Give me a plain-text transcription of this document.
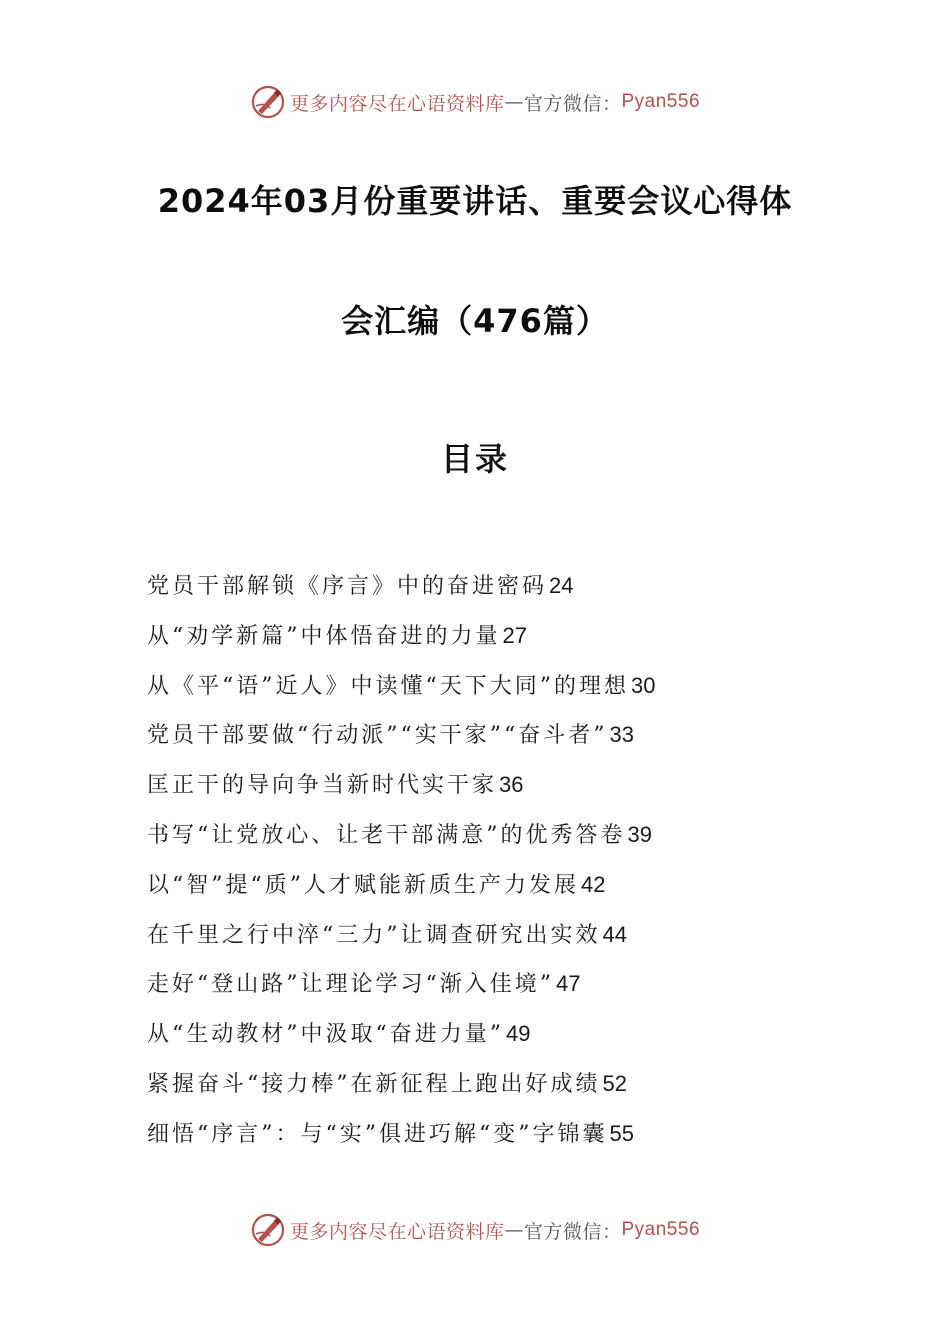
更多内容尽在心语资料库 — 官方微信： Pyan556
2024年03月份重要讲话、重要会议心得体
会汇编（476篇）
目录
党员干部解锁《序言》中的奋进密码24
从“劝学新篇”中体悟奋进的力量27
从《平“语”近人》中读懂“天下大同”的理想30
党员干部要做“行动派”“实干家”“奋斗者”33
匡正干的导向争当新时代实干家36
书写“让党放心、让老干部满意”的优秀答卷39
以“智”提“质”人才赋能新质生产力发展42
在千里之行中淬“三力”让调查研究出实效44
走好“登山路”让理论学习“渐入佳境”47
从“生动教材”中汲取“奋进力量”49
紧握奋斗“接力棒”在新征程上跑出好成绩52
细悟“序言”：与“实”俱进巧解“变”字锦囊55
更多内容尽在心语资料库 — 官方微信： Pyan556
